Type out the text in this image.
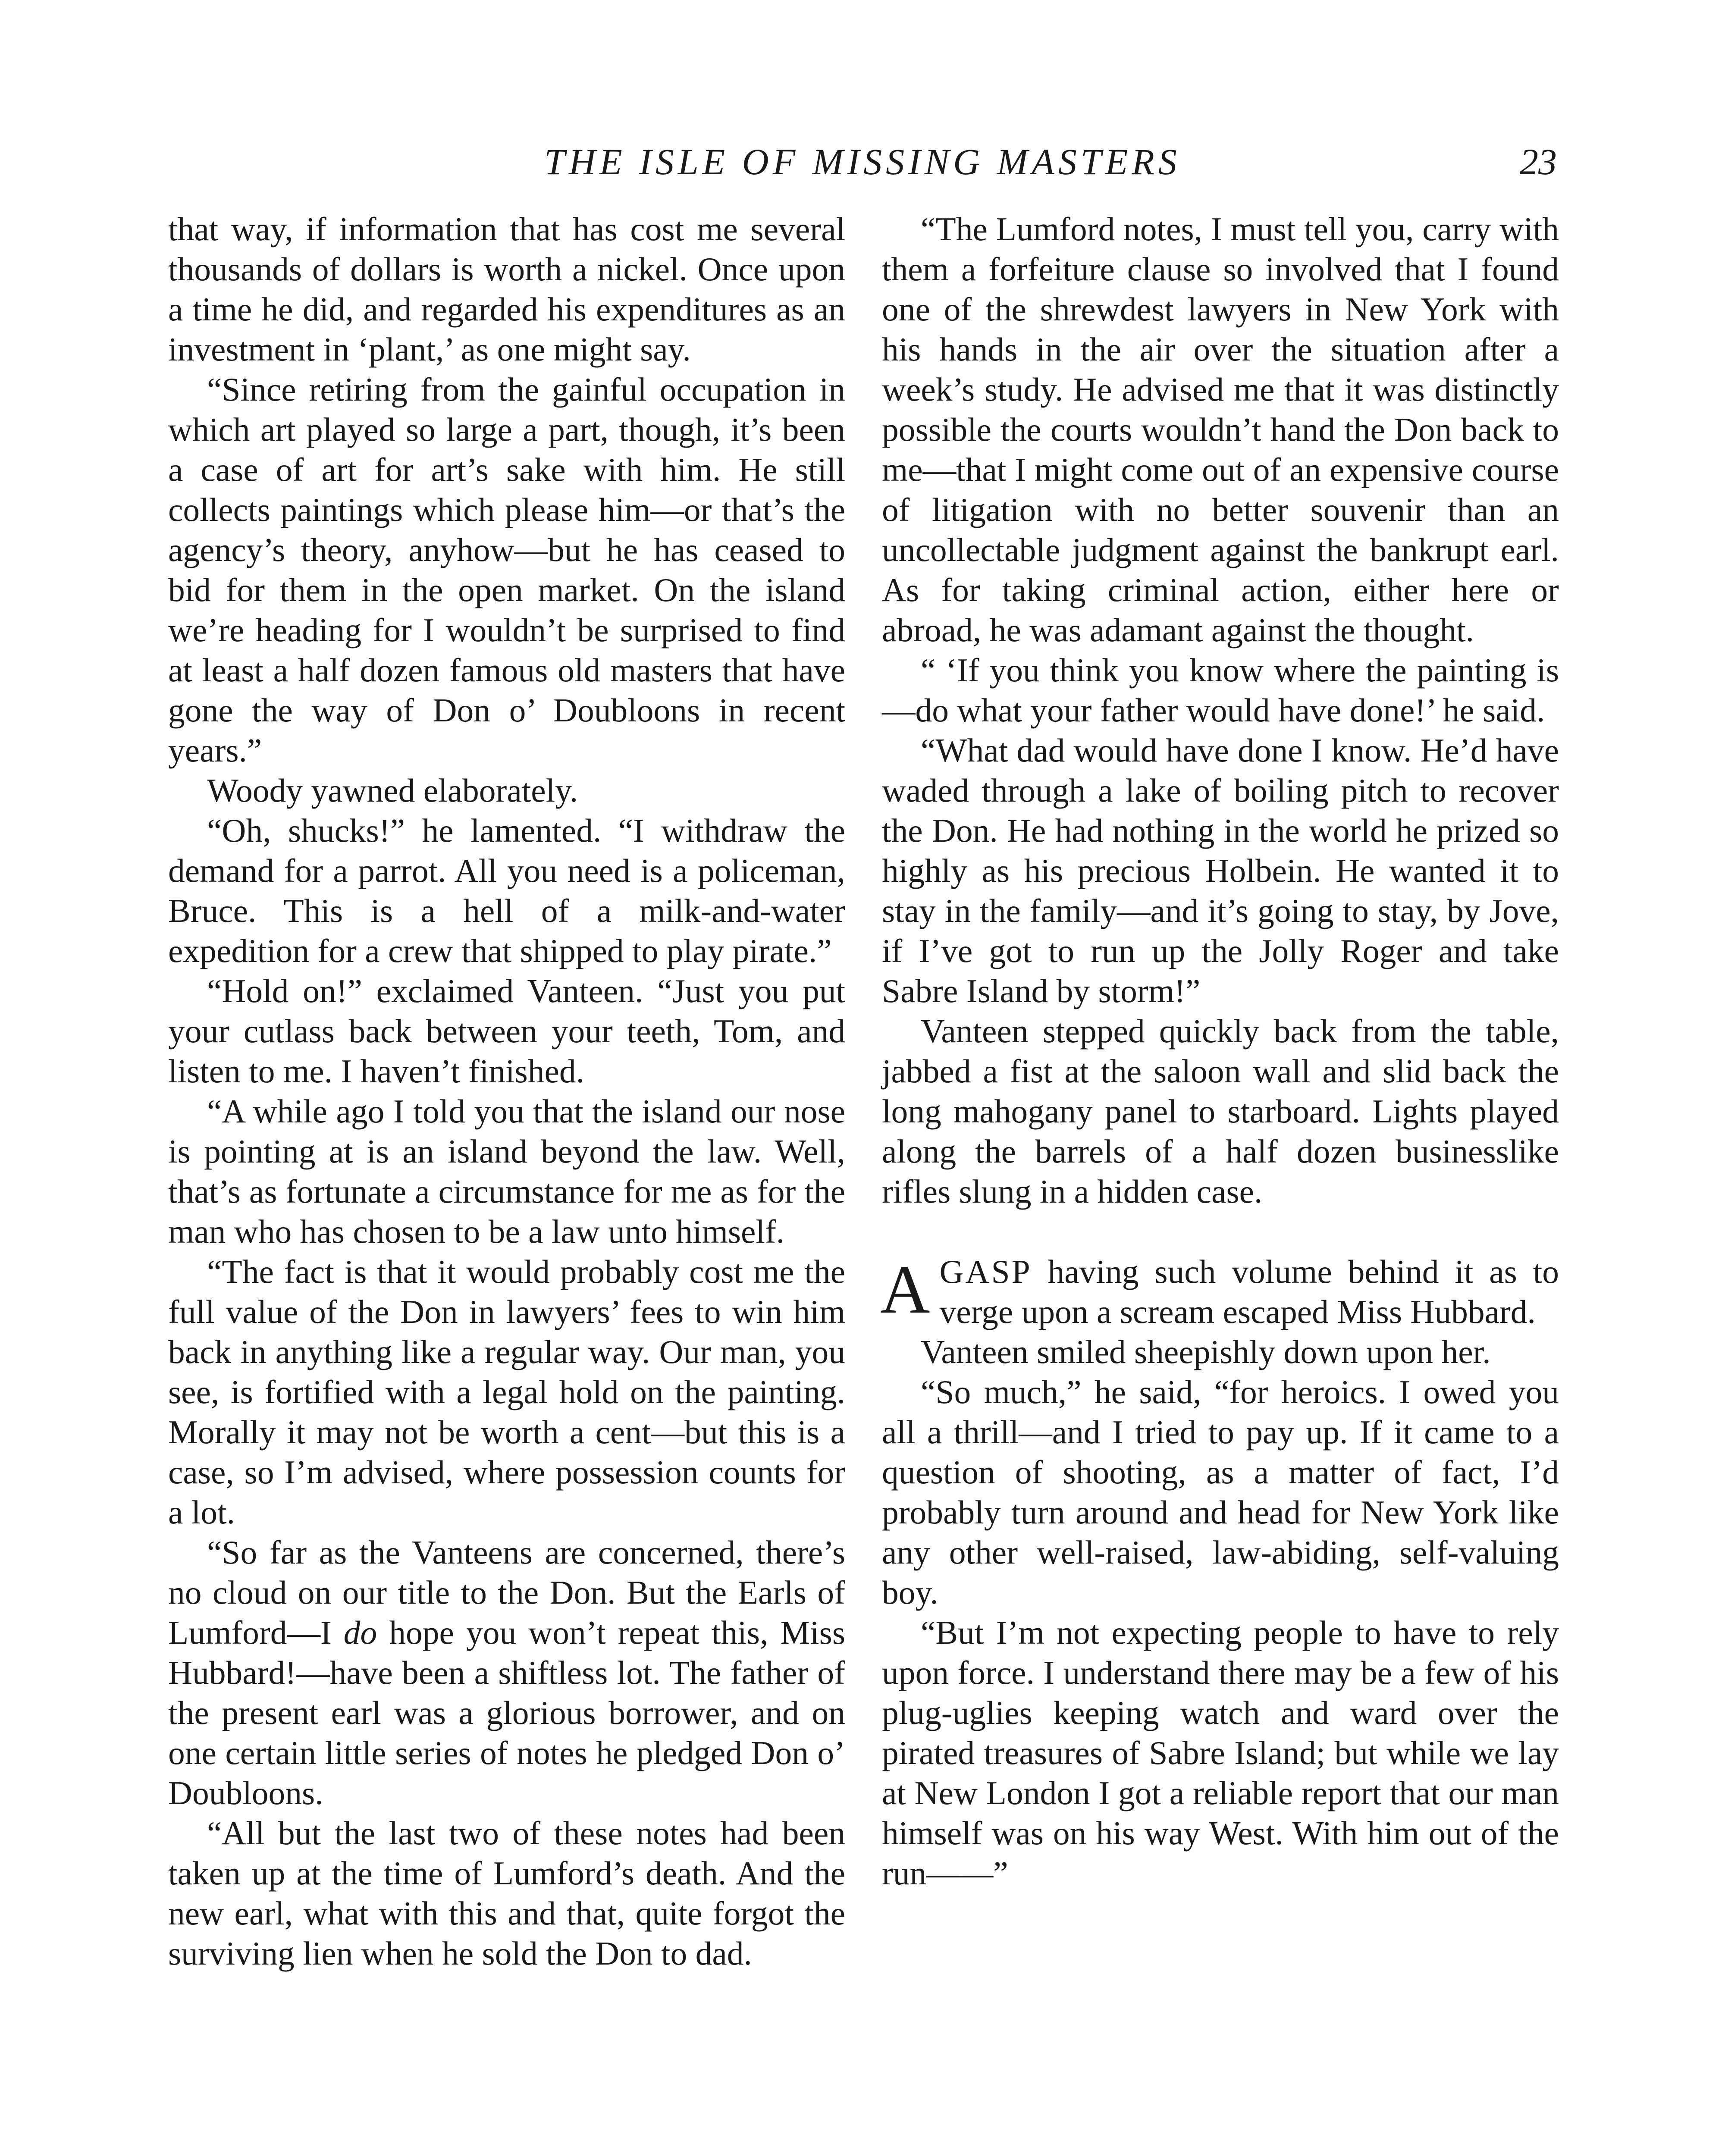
THE ISLE OF MISSING MASTERS	23

that way, if information that has cost me several thousands of dollars is worth a nickel. Once upon a time he did, and regarded his expenditures as an investment in ‘plant,’ as one might say.

“Since retiring from the gainful occupation in which art played so large a part, though, it’s been a case of art for art’s sake with him. He still collects paintings which please him—or that’s the agency’s theory, anyhow—but he has ceased to bid for them in the open market. On the island we’re heading for I wouldn’t be surprised to find at least a half dozen famous old masters that have gone the way of Don o’ Doubloons in recent years.”

Woody yawned elaborately.

“Oh, shucks!” he lamented. “I withdraw the demand for a parrot. All you need is a policeman, Bruce. This is a hell of a milk-and-water expedition for a crew that shipped to play pirate.”

“Hold on!” exclaimed Vanteen. “Just you put your cutlass back between your teeth, Tom, and listen to me. I haven’t finished.

“A while ago I told you that the island our nose is pointing at is an island beyond the law. Well, that’s as fortunate a circumstance for me as for the man who has chosen to be a law unto himself.

“The fact is that it would probably cost me the full value of the Don in lawyers’ fees to win him back in anything like a regular way. Our man, you see, is fortified with a legal hold on the painting. Morally it may not be worth a cent—but this is a case, so I’m advised, where possession counts for a lot.

“So far as the Vanteens are concerned, there’s no cloud on our title to the Don. But the Earls of Lumford—I do hope you won’t repeat this, Miss Hubbard!—have been a shiftless lot. The father of the present earl was a glorious borrower, and on one certain little series of notes he pledged Don o’ Doubloons.

“All but the last two of these notes had been taken up at the time of Lumford’s death. And the new earl, what with this and that, quite forgot the surviving lien when he sold the Don to dad.

“The Lumford notes, I must tell you, carry with them a forfeiture clause so involved that I found one of the shrewdest lawyers in New York with his hands in the air over the situation after a week’s study. He advised me that it was distinctly possible the courts wouldn’t hand the Don back to me—that I might come out of an expensive course of litigation with no better souvenir than an uncollectable judgment against the bankrupt earl. As for taking criminal action, either here or abroad, he was adamant against the thought.

“ ‘If you think you know where the painting is—do what your father would have done!’ he said.

“What dad would have done I know. He’d have waded through a lake of boiling pitch to recover the Don. He had nothing in the world he prized so highly as his precious Holbein. He wanted it to stay in the family—and it’s going to stay, by Jove, if I’ve got to run up the Jolly Roger and take Sabre Island by storm!”

Vanteen stepped quickly back from the table, jabbed a fist at the saloon wall and slid back the long mahogany panel to starboard. Lights played along the barrels of a half dozen businesslike rifles slung in a hidden case.

AGASP having such volume behind it as to verge upon a scream escaped Miss Hubbard.

Vanteen smiled sheepishly down upon her.

“So much,” he said, “for heroics. I owed you all a thrill—and I tried to pay up. If it came to a question of shooting, as a matter of fact, I’d probably turn around and head for New York like any other well-raised, law-abiding, self-valuing boy.

“But I’m not expecting people to have to rely upon force. I understand there may be a few of his plug-uglies keeping watch and ward over the pirated treasures of Sabre Island; but while we lay at New London I got a reliable report that our man himself was on his way West. With him out of the run——”
